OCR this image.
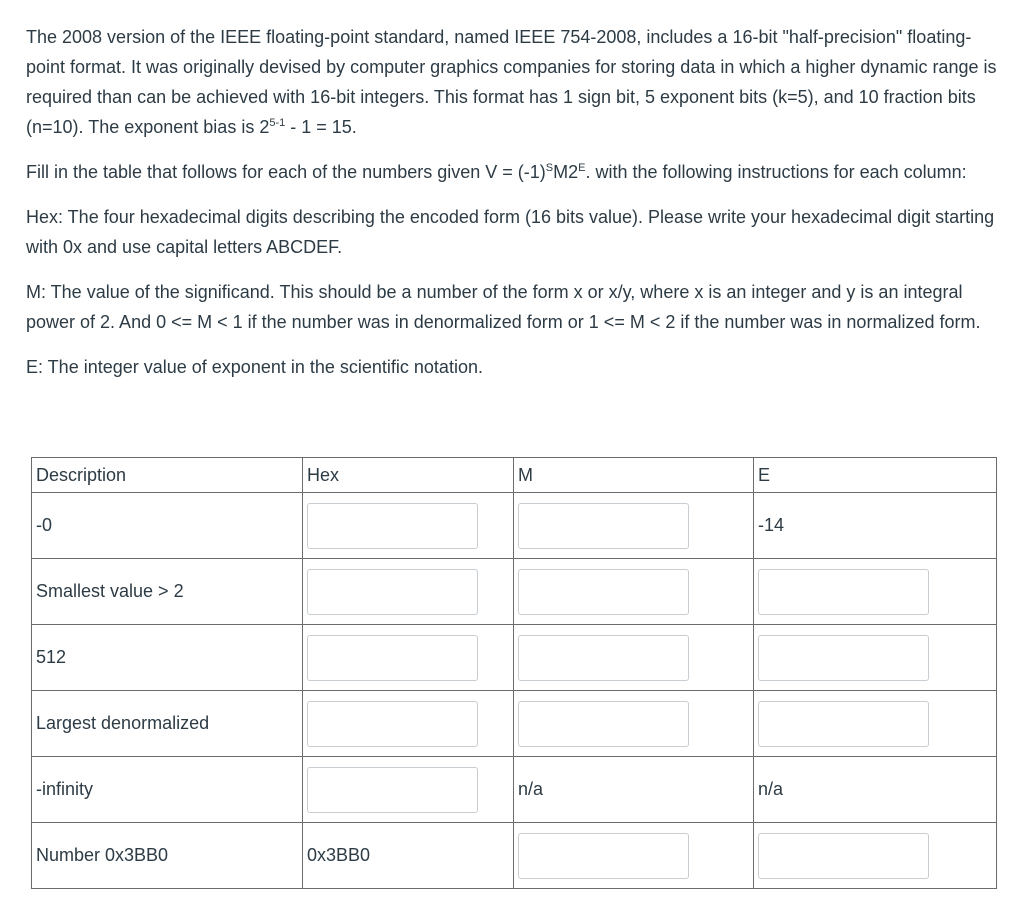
The 2008 version of the IEEE floating-point standard, named IEEE 754-2008, includes a 16-bit "half-precision" floating-point format. It was originally devised by computer graphics companies for storing data in which a higher dynamic range is required than can be achieved with 16-bit integers. This format has 1 sign bit, 5 exponent bits (k=5), and 10 fraction bits (n=10). The exponent bias is 2$^{5-1}$ - 1 = 15.

Fill in the table that follows for each of the numbers given $V = (-1)^SM2^E$. with the following instructions for each column:

Hex: The four hexadecimal digits describing the encoded form (16 bits value). Please write your hexadecimal digit starting with 0x and use capital letters ABCDEF.

M: The value of the significand. This should be a number of the form x or x/y, where x is an integer and y is an integral power of 2. And 0 <= M < 1 if the number was in denormalized form or 1 <= M < 2 if the number was in normalized form.

E: The integer value of exponent in the scientific notation.

Description	Hex	M	E
-0			-14
Smallest value > 2	

512	

Largest denormalized	

-infinity		n/a	n/a
Number 0x3BB0	0x3BB0	
